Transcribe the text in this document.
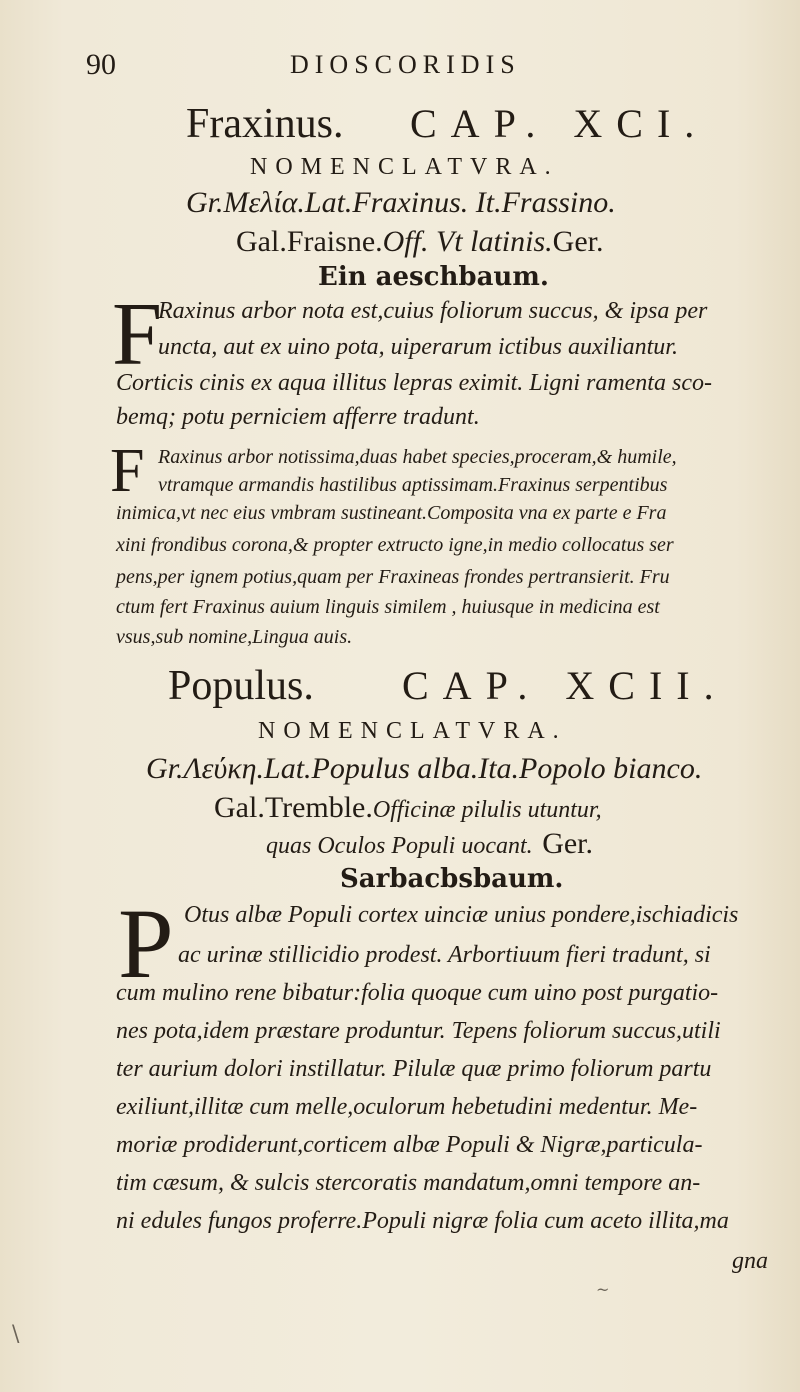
90	DIOSCORIDIS
Fraxinus. CAP. XCI.
NOMENCLATVRA.
Gr.Μελία.Lat.Fraxinus. It.Frassino.
Gal.Fraisne.Off. Vt latinis.Ger.
Ein aeschbaum.
F
Raxinus arbor nota est,cuius foliorum succus, & ipsa per
uncta, aut ex uino pota, uiperarum ictibus auxiliantur.
Corticis cinis ex aqua illitus lepras eximit. Ligni ramenta sco-
bemq; potu perniciem afferre tradunt.
F Raxinus arbor notissima,duas habet species,proceram,& humile,
vtramque armandis hastilibus aptissimam.Fraxinus serpentibus
inimica,vt nec eius vmbram sustineant.Composita vna ex parte e Fra
xini frondibus corona,& propter extructo igne,in medio collocatus ser
pens,per ignem potius,quam per Fraxineas frondes pertransierit. Fru
ctum fert Fraxinus auium linguis similem , huiusque in medicina est
vsus,sub nomine,Lingua auis.
Populus. CAP. XCII.
NOMENCLATVRA.
Gr.Λεύκη.Lat.Populus alba.Ita.Popolo bianco.
Gal.Tremble.Officinæ pilulis utuntur,
quas Oculos Populi uocant. Ger.
Sarbacbsbaum.
P Otus albæ Populi cortex uinciæ unius pondere,ischiadicis
ac urinæ stillicidio prodest. Arbortiuum fieri tradunt, si
cum mulino rene bibatur:folia quoque cum uino post purgatio-
nes pota,idem præstare produntur. Tepens foliorum succus,utili
ter aurium dolori instillatur. Pilulæ quæ primo foliorum partu
exiliunt,illitæ cum melle,oculorum hebetudini medentur. Me-
moriæ prodiderunt,corticem albæ Populi & Nigræ,particula-
tim cæsum, & sulcis stercoratis mandatum,omni tempore an-
ni edules fungos proferre.Populi nigræ folia cum aceto illita,ma
gna
\
~
